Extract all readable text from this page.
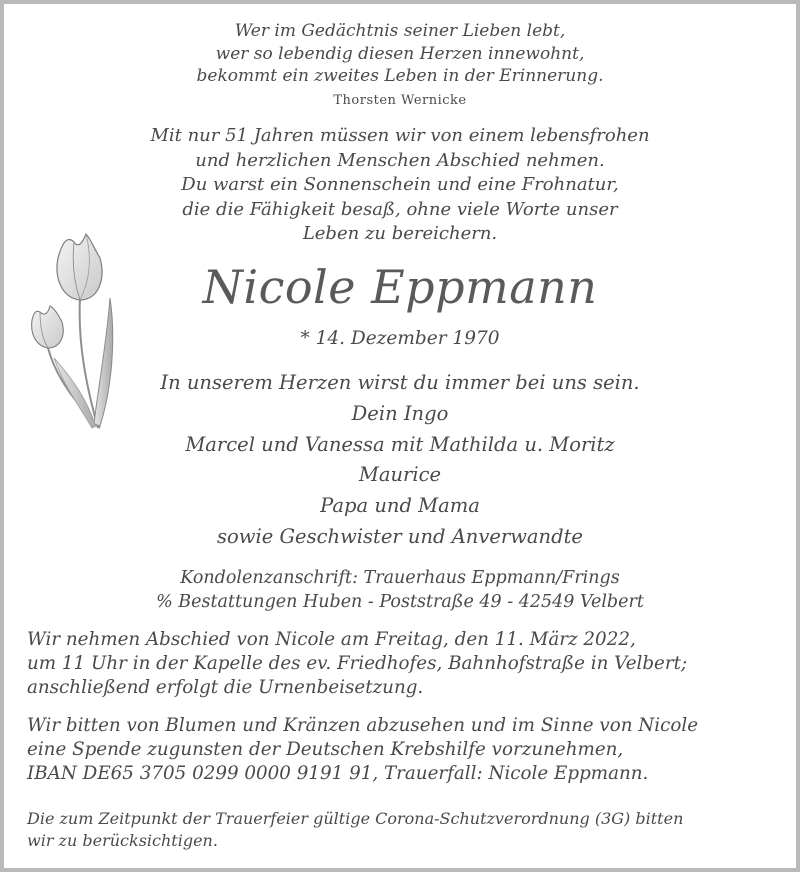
Wer im Gedächtnis seiner Lieben lebt,
wer so lebendig diesen Herzen innewohnt,
bekommt ein zweites Leben in der Erinnerung.
Thorsten Wernicke
Mit nur 51 Jahren müssen wir von einem lebensfrohen
und herzlichen Menschen Abschied nehmen.
Du warst ein Sonnenschein und eine Frohnatur,
die die Fähigkeit besaß, ohne viele Worte unser
Leben zu bereichern.
Nicole Eppmann
* 14. Dezember 1970
In unserem Herzen wirst du immer bei uns sein.
Dein Ingo
Marcel und Vanessa mit Mathilda u. Moritz
Maurice
Papa und Mama
sowie Geschwister und Anverwandte
Kondolenzanschrift: Trauerhaus Eppmann/Frings
% Bestattungen Huben - Poststraße 49 - 42549 Velbert
Wir nehmen Abschied von Nicole am Freitag, den 11. März 2022,
um 11 Uhr in der Kapelle des ev. Friedhofes, Bahnhofstraße in Velbert;
anschließend erfolgt die Urnenbeisetzung.
Wir bitten von Blumen und Kränzen abzusehen und im Sinne von Nicole
eine Spende zugunsten der Deutschen Krebshilfe vorzunehmen,
IBAN DE65 3705 0299 0000 9191 91, Trauerfall: Nicole Eppmann.
Die zum Zeitpunkt der Trauerfeier gültige Corona-Schutzverordnung (3G) bitten
wir zu berücksichtigen.
